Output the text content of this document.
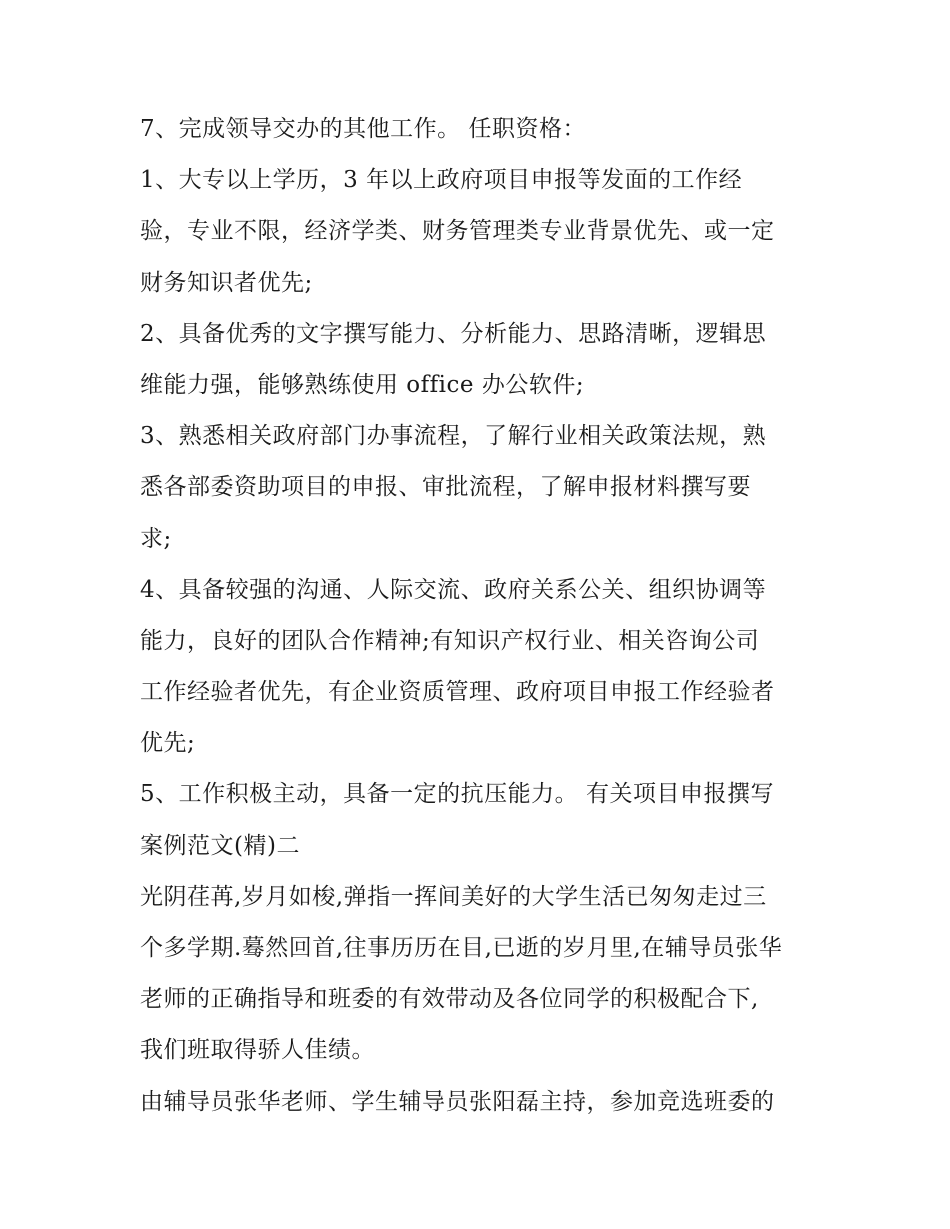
7、完成领导交办的其他工作。 任职资格：
1、大专以上学历，3 年以上政府项目申报等发面的工作经
验，专业不限，经济学类、财务管理类专业背景优先、或一定
财务知识者优先;
2、具备优秀的文字撰写能力、分析能力、思路清晰，逻辑思
维能力强，能够熟练使用 office 办公软件;
3、熟悉相关政府部门办事流程，了解行业相关政策法规，熟
悉各部委资助项目的申报、审批流程，了解申报材料撰写要
求;
4、具备较强的沟通、人际交流、政府关系公关、组织协调等
能力，良好的团队合作精神;有知识产权行业、相关咨询公司
工作经验者优先，有企业资质管理、政府项目申报工作经验者
优先;
5、工作积极主动，具备一定的抗压能力。 有关项目申报撰写
案例范文(精)二
光阴荏苒,岁月如梭,弹指一挥间美好的大学生活已匆匆走过三
个多学期.蓦然回首,往事历历在目,已逝的岁月里,在辅导员张华
老师的正确指导和班委的有效带动及各位同学的积极配合下,
我们班取得骄人佳绩。
由辅导员张华老师、学生辅导员张阳磊主持，参加竞选班委的
